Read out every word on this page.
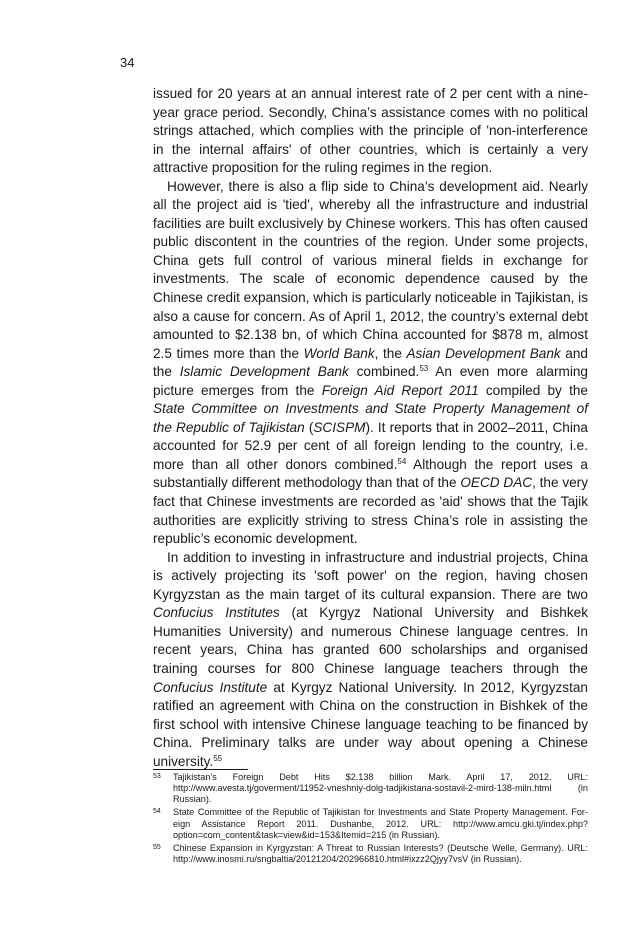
34

issued for 20 years at an annual interest rate of 2 per cent with a nine-year grace period. Secondly, China’s assistance comes with no political strings attached, which complies with the principle of 'non-interference in the internal affairs' of other countries, which is certainly a very attractive proposition for the ruling regimes in the region.

However, there is also a flip side to China’s development aid. Nearly all the project aid is 'tied', whereby all the infrastructure and industrial facilities are built exclusively by Chinese workers. This has often caused public discontent in the countries of the region. Under some projects, China gets full control of various mineral fields in exchange for investments. The scale of economic dependence caused by the Chinese credit expansion, which is particularly noticeable in Tajikistan, is also a cause for concern. As of April 1, 2012, the country’s external debt amounted to $2.138 bn, of which China accounted for $878 m, almost 2.5 times more than the World Bank, the Asian Development Bank and the Islamic Development Bank combined.$^{53}$ An even more alarming picture emerges from the Foreign Aid Report 2011 compiled by the State Committee on Investments and State Property Management of the Republic of Tajikistan (SCISPM). It reports that in 2002–2011, China accounted for 52.9 per cent of all foreign lending to the country, i.e. more than all other donors combined.$^{54}$ Although the report uses a substantially different methodology than that of the OECD DAC, the very fact that Chinese investments are recorded as 'aid' shows that the Tajik authorities are explicitly striving to stress China’s role in assisting the republic’s economic development.

In addition to investing in infrastructure and industrial projects, China is actively projecting its 'soft power' on the region, having chosen Kyrgyzstan as the main target of its cultural expansion. There are two Confucius Institutes (at Kyrgyz National University and Bishkek Humanities University) and numerous Chinese language centres. In recent years, China has granted 600 scholarships and organised training courses for 800 Chinese language teachers through the Confucius Institute at Kyrgyz National University. In 2012, Kyrgyzstan ratified an agreement with China on the construction in Bishkek of the first school with intensive Chinese language teaching to be financed by China. Preliminary talks are under way about opening a Chinese university.$^{55}$

53 Tajikistan’s Foreign Debt Hits $2.138 billion Mark. April 17, 2012. URL: http://www.avesta.tj/goverment/11952-vneshniy-dolg-tadjikistana-sostavil-2-mird-138-miln.html (in Russian).
54 State Committee of the Republic of Tajikistan for Investments and State Property Management. Foreign Assistance Report 2011. Dushanbe, 2012. URL: http://www.amcu.gki.tj/index.php?option=com_content&task=view&id=153&Itemid=215 (in Russian).
55 Chinese Expansion in Kyrgyzstan: A Threat to Russian Interests? (Deutsche Welle, Germany). URL: http://www.inosmi.ru/sngbaltia/20121204/202966810.html#ixzz2Qjyy7vsV (in Russian).
